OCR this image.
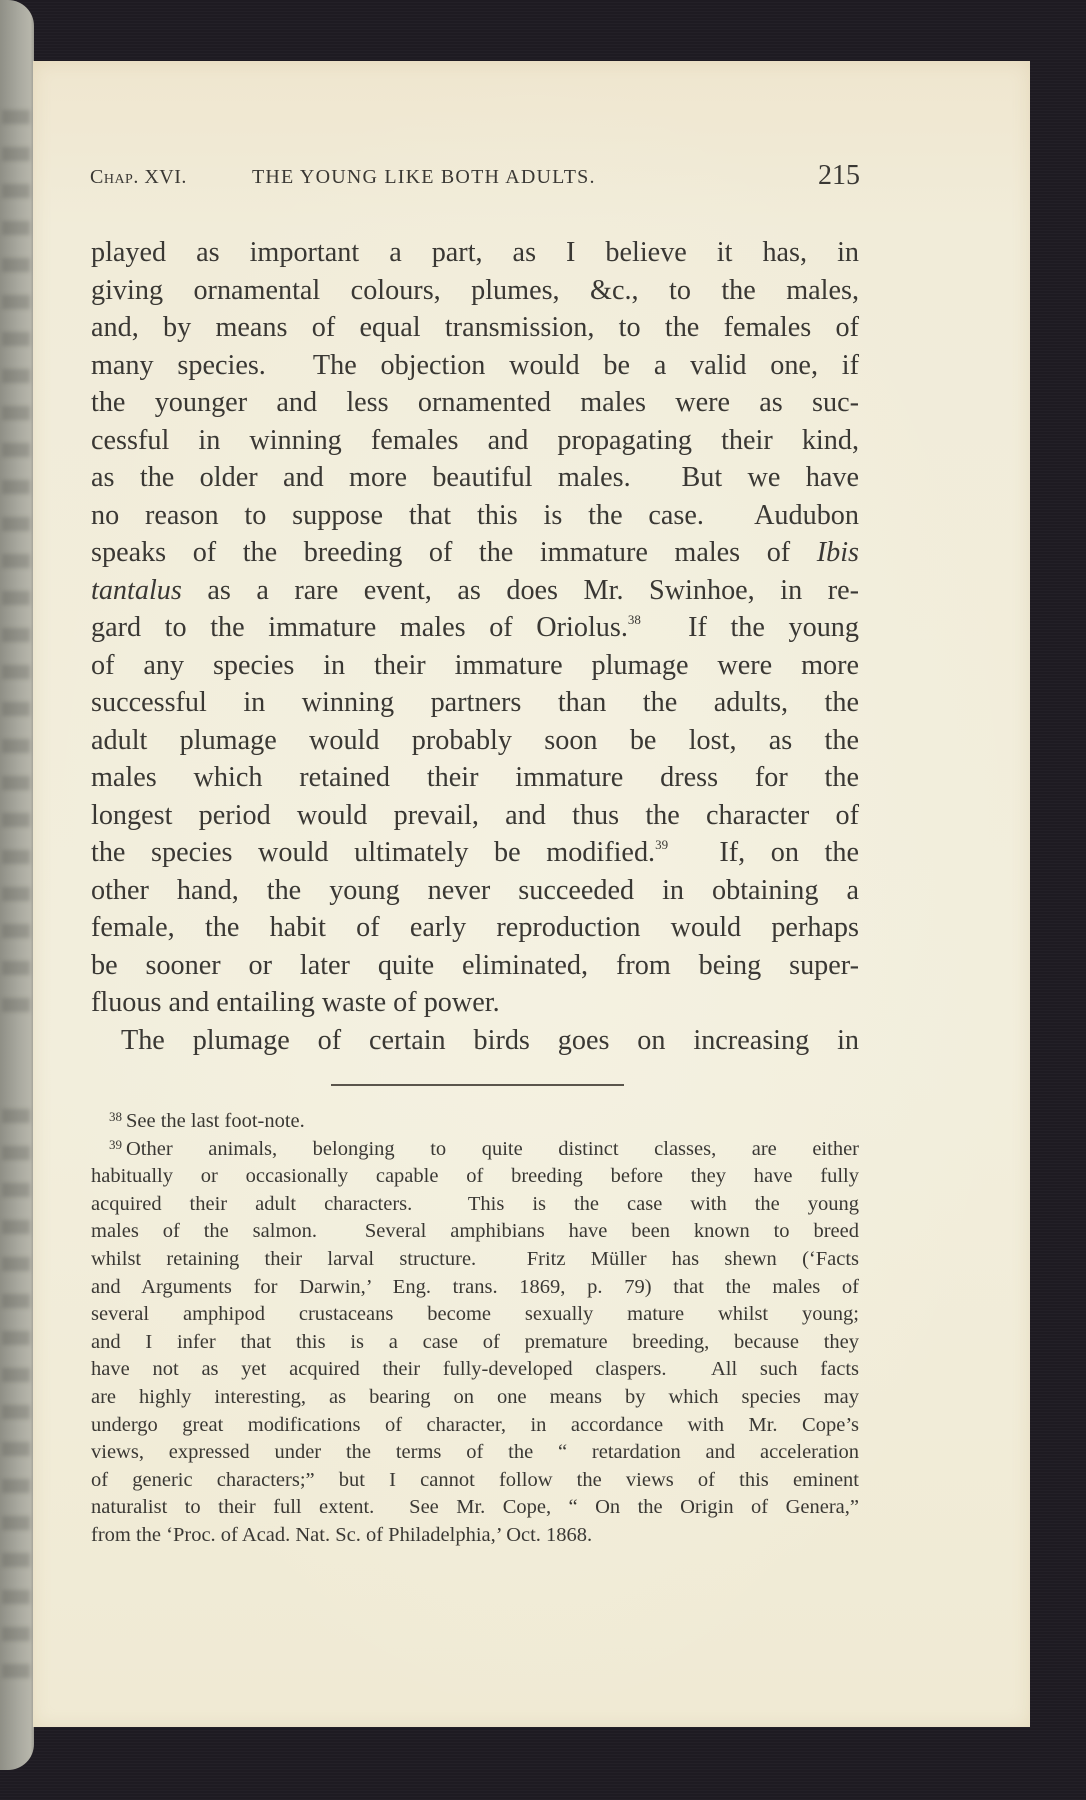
Chap. XVI.	THE YOUNG LIKE BOTH ADULTS.	215
played as important a part, as I believe it has, in
giving ornamental colours, plumes, &c., to the males,
and, by means of equal transmission, to the females of
many species.  The objection would be a valid one, if
the younger and less ornamented males were as suc-
cessful in winning females and propagating their kind,
as the older and more beautiful males.  But we have
no reason to suppose that this is the case.  Audubon
speaks of the breeding of the immature males of Ibis
tantalus as a rare event, as does Mr. Swinhoe, in re-
gard to the immature males of Oriolus.$^{38}$  If the young
of any species in their immature plumage were more
successful in winning partners than the adults, the
adult plumage would probably soon be lost, as the
males which retained their immature dress for the
longest period would prevail, and thus the character of
the species would ultimately be modified.$^{39}$  If, on the
other hand, the young never succeeded in obtaining a
female, the habit of early reproduction would perhaps
be sooner or later quite eliminated, from being super-
fluous and entailing waste of power.
The plumage of certain birds goes on increasing in
$^{38}$ See the last foot-note.
$^{39}$ Other animals, belonging to quite distinct classes, are either
habitually or occasionally capable of breeding before they have fully
acquired their adult characters.  This is the case with the young
males of the salmon.  Several amphibians have been known to breed
whilst retaining their larval structure.  Fritz Müller has shewn (‘Facts
and Arguments for Darwin,’ Eng. trans. 1869, p. 79) that the males of
several amphipod crustaceans become sexually mature whilst young;
and I infer that this is a case of premature breeding, because they
have not as yet acquired their fully-developed claspers.  All such facts
are highly interesting, as bearing on one means by which species may
undergo great modifications of character, in accordance with Mr. Cope’s
views, expressed under the terms of the “ retardation and acceleration
of generic characters;” but I cannot follow the views of this eminent
naturalist to their full extent.  See Mr. Cope, “ On the Origin of Genera,”
from the ‘Proc. of Acad. Nat. Sc. of Philadelphia,’ Oct. 1868.
